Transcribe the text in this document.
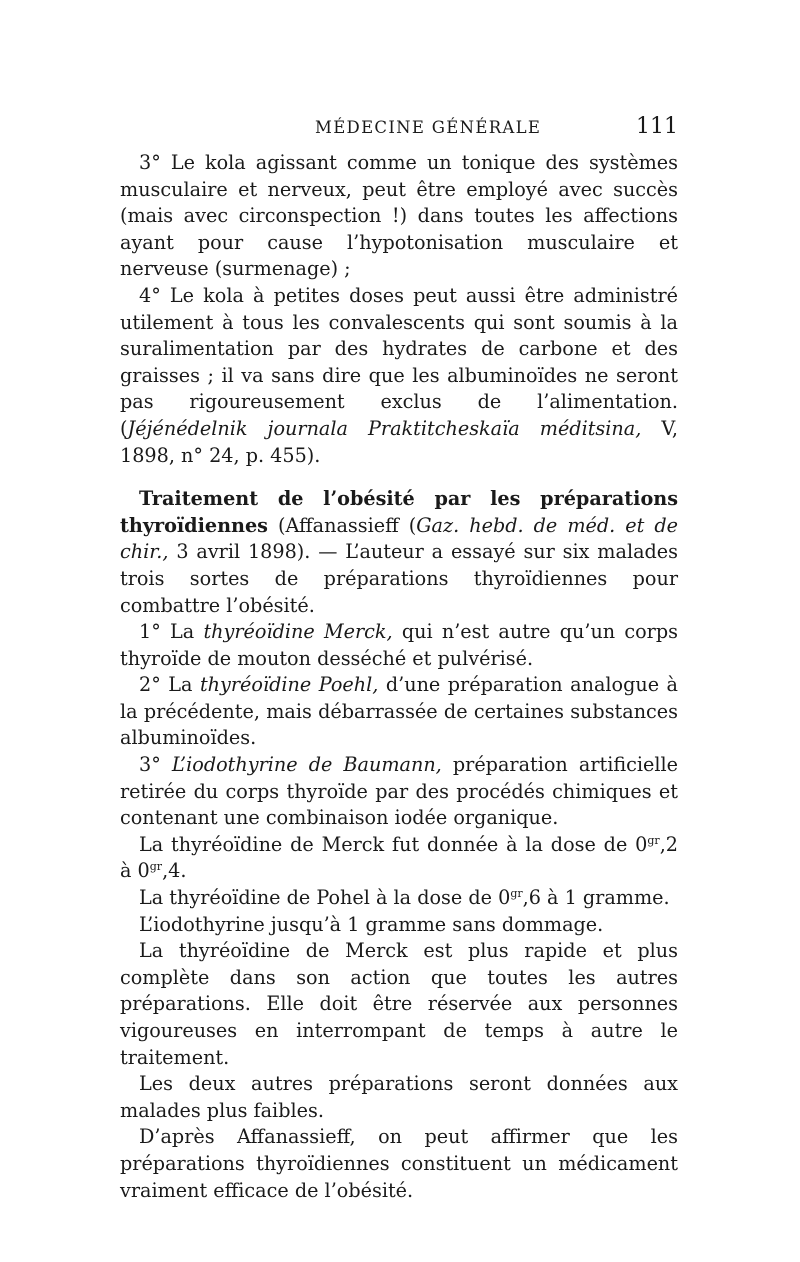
MÉDECINE GÉNÉRALE	111

3° Le kola agissant comme un tonique des systèmes musculaire et nerveux, peut être employé avec succès (mais avec circonspection !) dans toutes les affections ayant pour cause l’hypotonisation musculaire et nerveuse (surmenage) ;

4° Le kola à petites doses peut aussi être administré utilement à tous les convalescents qui sont soumis à la suralimentation par des hydrates de carbone et des graisses ; il va sans dire que les albuminoïdes ne seront pas rigoureusement exclus de l’alimentation. (Jéjénédelnik journala Praktitcheskaïa méditsina, V, 1898, n° 24, p. 455).

Traitement de l’obésité par les préparations thyroïdiennes (Affanassieff (Gaz. hebd. de méd. et de chir., 3 avril 1898). — L’auteur a essayé sur six malades trois sortes de préparations thyroïdiennes pour combattre l’obésité.

1° La thyréoïdine Merck, qui n’est autre qu’un corps thyroïde de mouton desséché et pulvérisé.

2° La thyréoïdine Poehl, d’une préparation analogue à la précédente, mais débarrassée de certaines substances albuminoïdes.

3° L’iodothyrine de Baumann, préparation artificielle retirée du corps thyroïde par des procédés chimiques et contenant une combinaison iodée organique.

La thyréoïdine de Merck fut donnée à la dose de $0^{gr},2$ à $0^{gr},4$.

La thyréoïdine de Pohel à la dose de $0^{gr},6$ à 1 gramme.

L’iodothyrine jusqu’à 1 gramme sans dommage.

La thyréoïdine de Merck est plus rapide et plus complète dans son action que toutes les autres préparations. Elle doit être réservée aux personnes vigoureuses en interrompant de temps à autre le traitement.

Les deux autres préparations seront données aux malades plus faibles.

D’après Affanassieff, on peut affirmer que les préparations thyroïdiennes constituent un médicament vraiment efficace de l’obésité.
